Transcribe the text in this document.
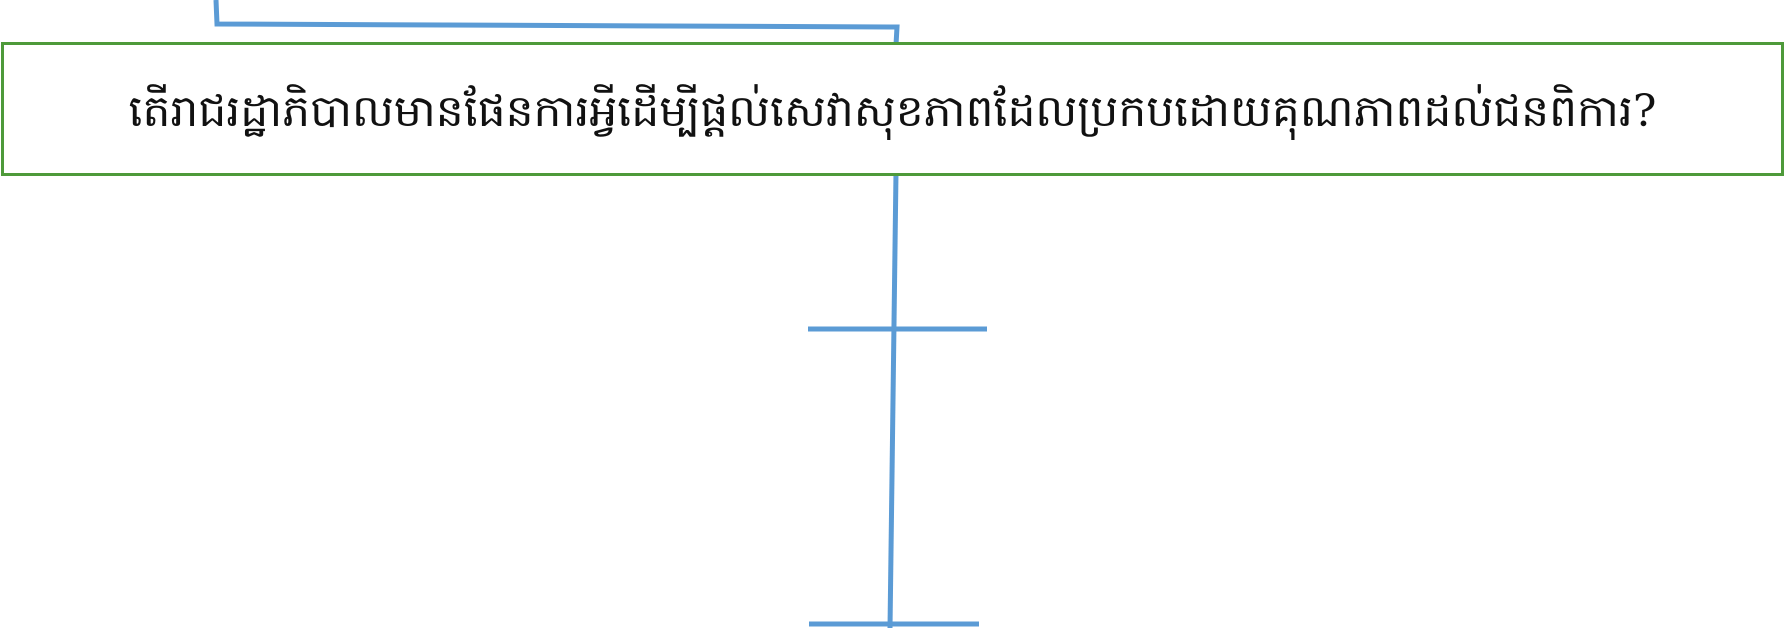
តើរាជរដ្ឋាភិបាលមានផែនការអ្វីដើម្បីផ្តល់សេវាសុខភាពដែលប្រកបដោយគុណភាពដល់ជនពិការ?
